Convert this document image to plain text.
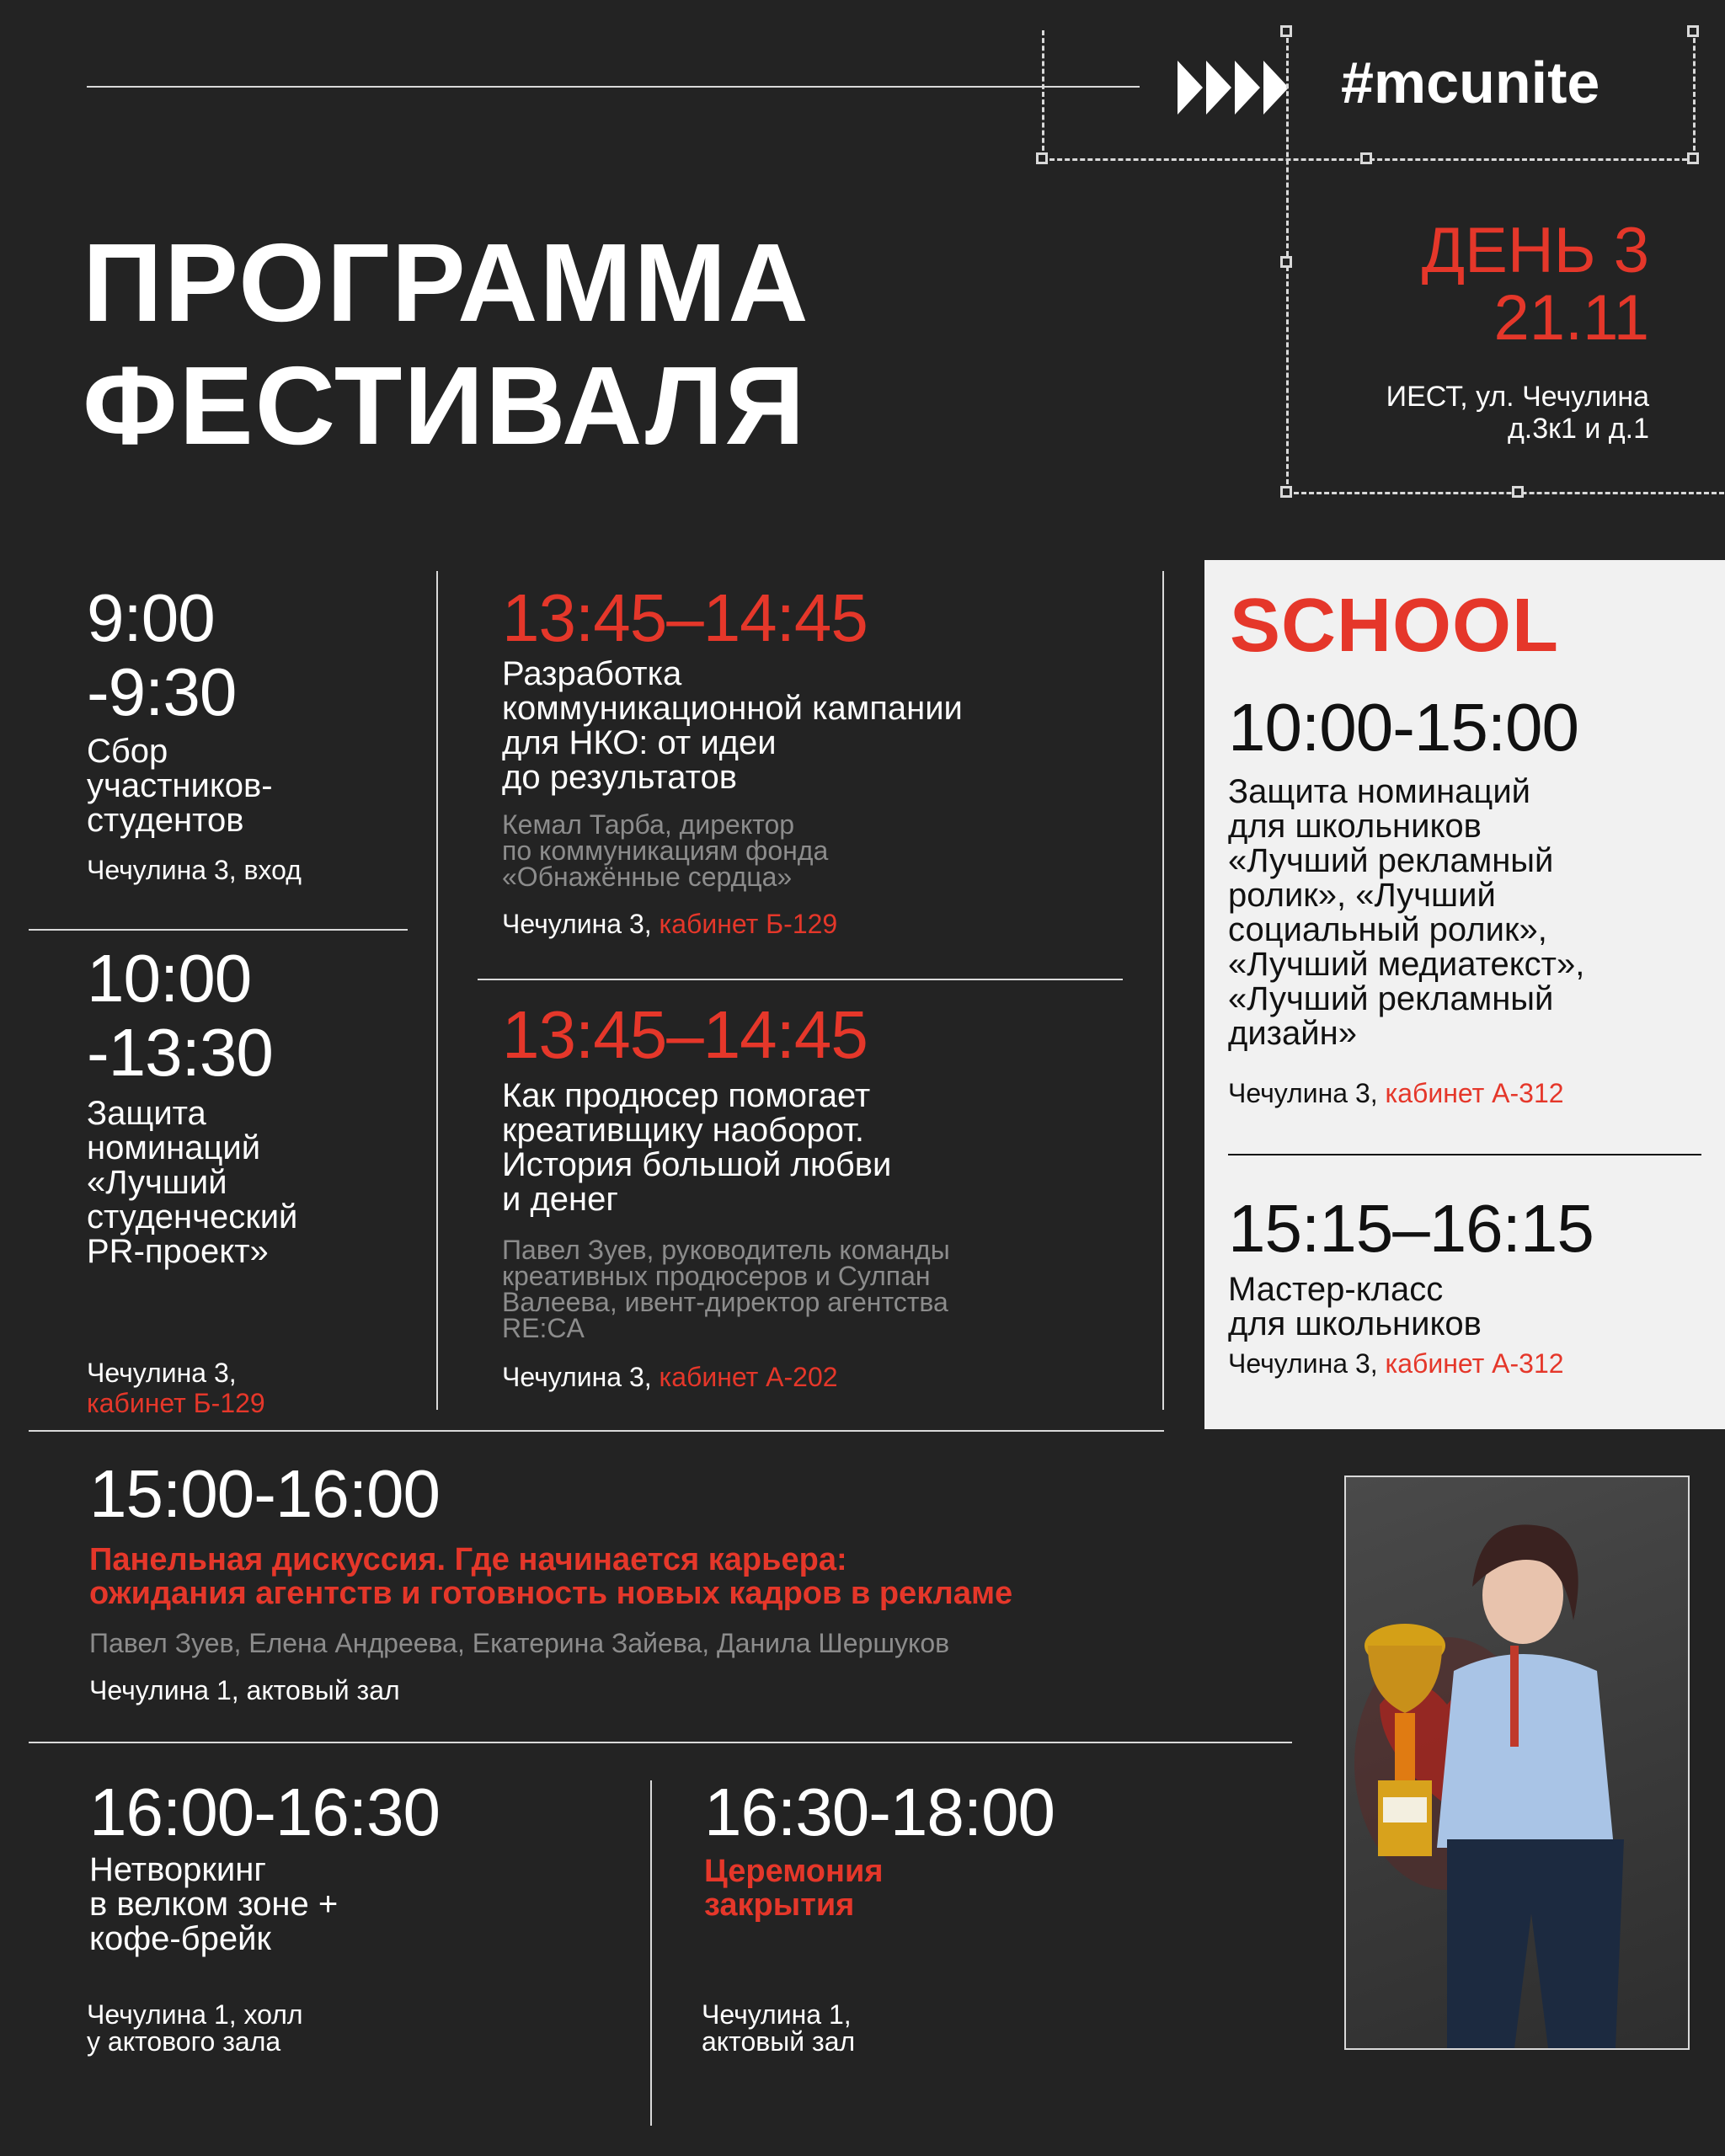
#mcunite
ПРОГРАММА
ФЕСТИВАЛЯ
ДЕНЬ 3
21.11
ИЕСТ, ул. Чечулина
д.3к1 и д.1
9:00
-9:30
Сбор
участников-
студентов
Чечулина 3, вход
10:00
-13:30
Защита
номинаций
«Лучший
студенческий
PR-проект»
Чечулина 3,
кабинет Б-129
13:45–14:45
Разработка
коммуникационной кампании
для НКО: от идеи
до результатов
Кемал Тарба, директор
по коммуникациям фонда
«Обнажённые сердца»
Чечулина 3, кабинет Б-129
13:45–14:45
Как продюсер помогает
креативщику наоборот.
История большой любви
и денег
Павел Зуев, руководитель команды
креативных продюсеров и Сулпан
Валеева, ивент-директор агентства
RE:CA
Чечулина 3, кабинет А-202
SCHOOL
10:00-15:00
Защита номинаций
для школьников
«Лучший рекламный
ролик», «Лучший
социальный ролик»,
«Лучший медиатекст»,
«Лучший рекламный
дизайн»
Чечулина 3, кабинет А-312
15:15–16:15
Мастер-класс
для школьников
Чечулина 3, кабинет А-312
15:00-16:00
Панельная дискуссия. Где начинается карьера:
ожидания агентств и готовность новых кадров в рекламе
Павел Зуев, Елена Андреева, Екатерина Зайева, Данила Шершуков
Чечулина 1, актовый зал
16:00-16:30
Нетворкинг
в велком зоне +
кофе-брейк
Чечулина 1, холл
у актового зала
16:30-18:00
Церемония
закрытия
Чечулина 1,
актовый зал
